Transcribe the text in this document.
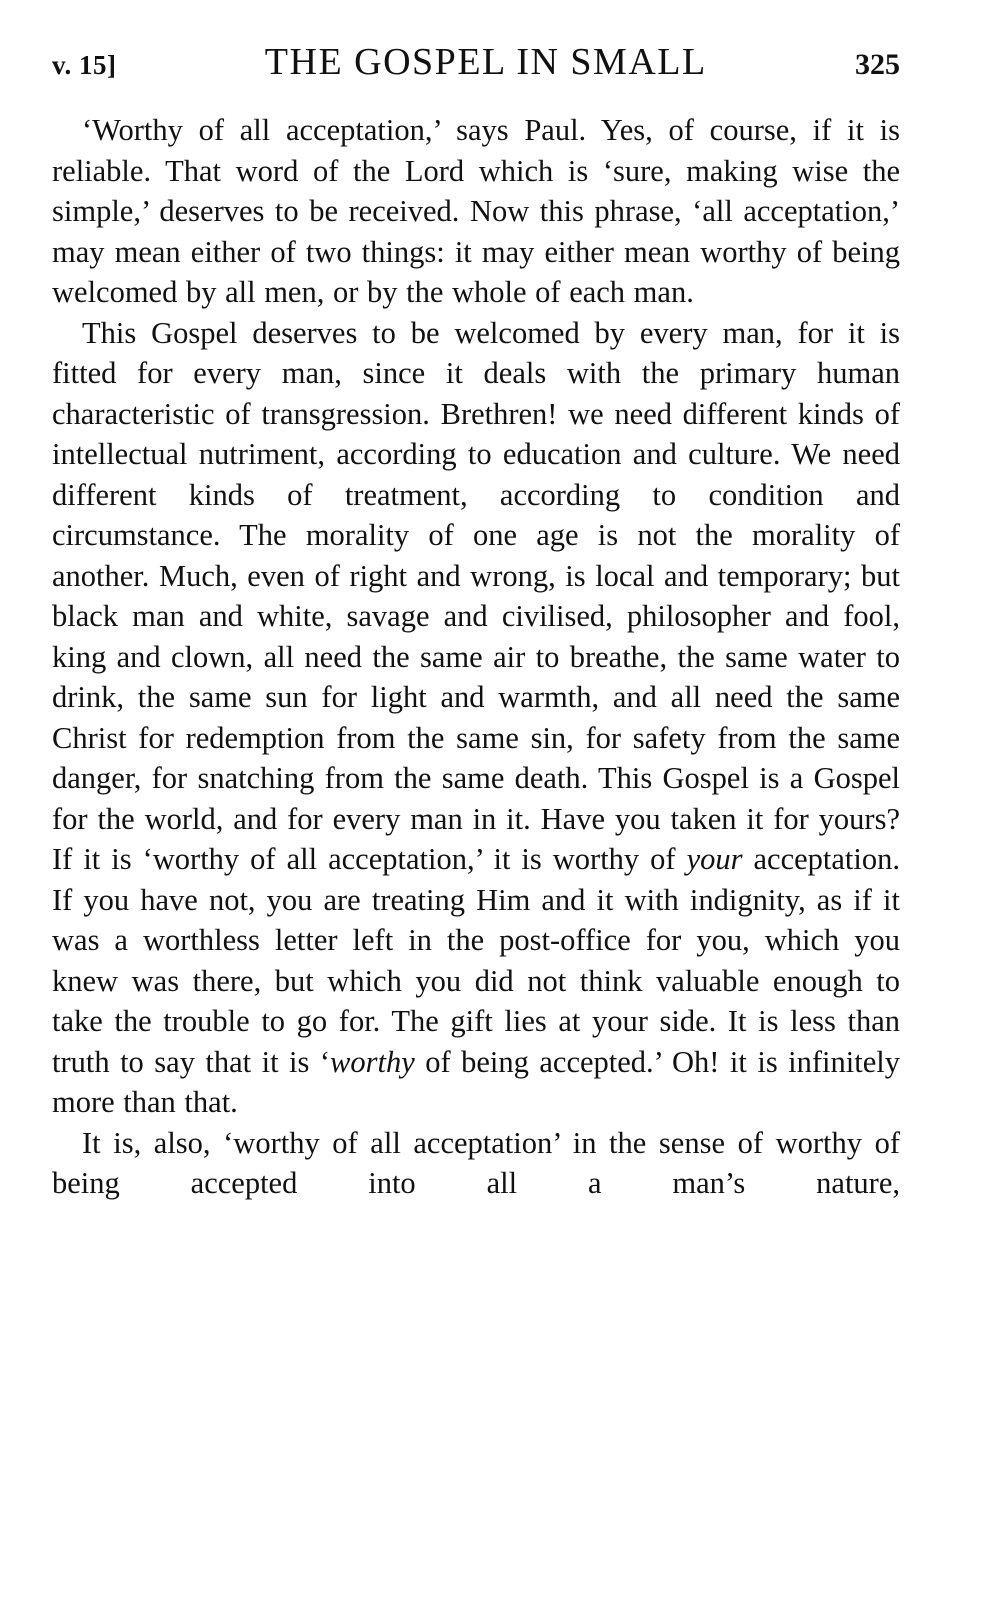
v. 15]	THE GOSPEL IN SMALL	325

‘Worthy of all acceptation,’ says Paul. Yes, of course, if it is reliable. That word of the Lord which is ‘sure, making wise the simple,’ deserves to be received. Now this phrase, ‘all acceptation,’ may mean either of two things: it may either mean worthy of being welcomed by all men, or by the whole of each man.

This Gospel deserves to be welcomed by every man, for it is fitted for every man, since it deals with the primary human characteristic of transgression. Brethren! we need different kinds of intellectual nutriment, according to education and culture. We need different kinds of treatment, according to condition and circumstance. The morality of one age is not the morality of another. Much, even of right and wrong, is local and temporary; but black man and white, savage and civilised, philosopher and fool, king and clown, all need the same air to breathe, the same water to drink, the same sun for light and warmth, and all need the same Christ for redemption from the same sin, for safety from the same danger, for snatching from the same death. This Gospel is a Gospel for the world, and for every man in it. Have you taken it for yours? If it is ‘worthy of all acceptation,’ it is worthy of your acceptation. If you have not, you are treating Him and it with indignity, as if it was a worthless letter left in the post-office for you, which you knew was there, but which you did not think valuable enough to take the trouble to go for. The gift lies at your side. It is less than truth to say that it is ‘worthy of being accepted.’ Oh! it is infinitely more than that.

It is, also, ‘worthy of all acceptation’ in the sense of worthy of being accepted into all a man’s nature,
